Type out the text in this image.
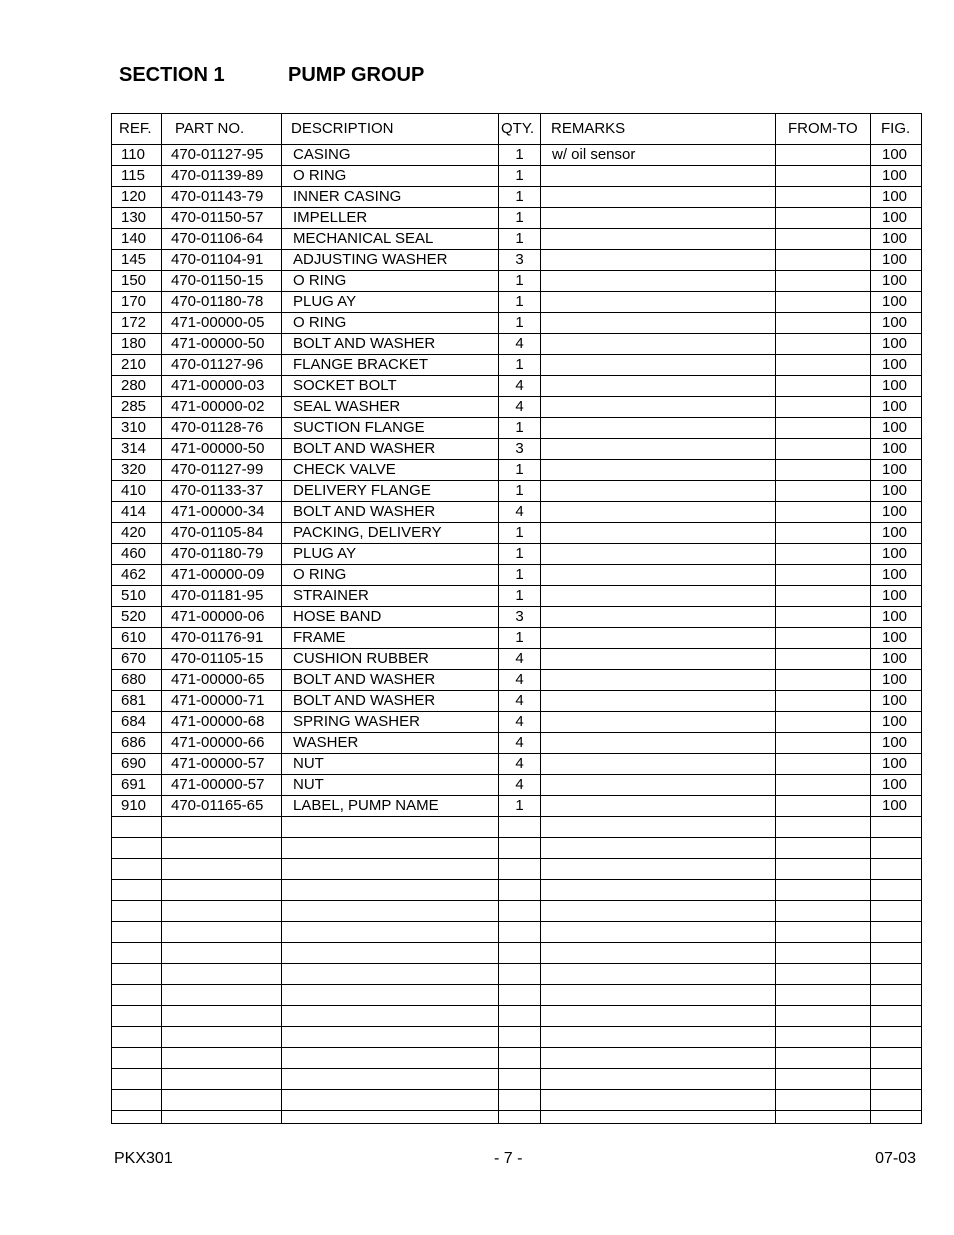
SECTION 1	PUMP GROUP
REF.	PART NO.	DESCRIPTION	QTY.	REMARKS	FROM-TO	FIG.
110	470-01127-95	CASING	1	w/ oil sensor		100
115	470-01139-89	O RING	1			100
120	470-01143-79	INNER CASING	1			100
130	470-01150-57	IMPELLER	1			100
140	470-01106-64	MECHANICAL SEAL	1			100
145	470-01104-91	ADJUSTING WASHER	3			100
150	470-01150-15	O RING	1			100
170	470-01180-78	PLUG AY	1			100
172	471-00000-05	O RING	1			100
180	471-00000-50	BOLT AND WASHER	4			100
210	470-01127-96	FLANGE BRACKET	1			100
280	471-00000-03	SOCKET BOLT	4			100
285	471-00000-02	SEAL WASHER	4			100
310	470-01128-76	SUCTION FLANGE	1			100
314	471-00000-50	BOLT AND WASHER	3			100
320	470-01127-99	CHECK VALVE	1			100
410	470-01133-37	DELIVERY FLANGE	1			100
414	471-00000-34	BOLT AND WASHER	4			100
420	470-01105-84	PACKING, DELIVERY	1			100
460	470-01180-79	PLUG AY	1			100
462	471-00000-09	O RING	1			100
510	470-01181-95	STRAINER	1			100
520	471-00000-06	HOSE BAND	3			100
610	470-01176-91	FRAME	1			100
670	470-01105-15	CUSHION RUBBER	4			100
680	471-00000-65	BOLT AND WASHER	4			100
681	471-00000-71	BOLT AND WASHER	4			100
684	471-00000-68	SPRING WASHER	4			100
686	471-00000-66	WASHER	4			100
690	471-00000-57	NUT	4			100
691	471-00000-57	NUT	4			100
910	470-01165-65	LABEL, PUMP NAME	1			100

PKX301	- 7 -	07-03
